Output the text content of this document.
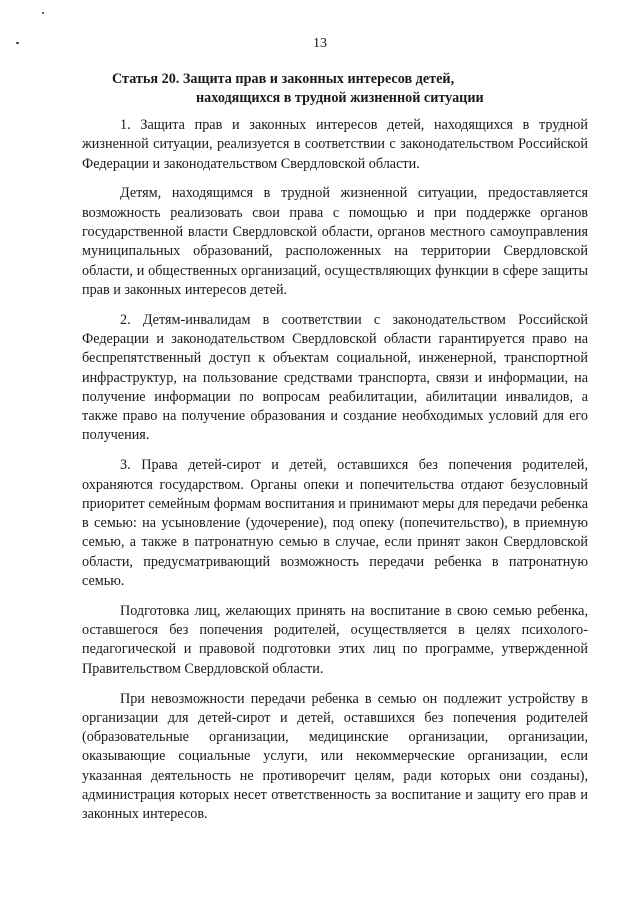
13
Статья 20. Защита прав и законных интересов детей,
находящихся в трудной жизненной ситуации

1. Защита прав и законных интересов детей, находящихся в трудной жизненной ситуации, реализуется в соответствии с законодательством Российской Федерации и законодательством Свердловской области.

Детям, находящимся в трудной жизненной ситуации, предоставляется возможность реализовать свои права с помощью и при поддержке органов государственной власти Свердловской области, органов местного самоуправления муниципальных образований, расположенных на территории Свердловской области, и общественных организаций, осуществляющих функции в сфере защиты прав и законных интересов детей.

2. Детям-инвалидам в соответствии с законодательством Российской Федерации и законодательством Свердловской области гарантируется право на беспрепятственный доступ к объектам социальной, инженерной, транспортной инфраструктур, на пользование средствами транспорта, связи и информации, на получение информации по вопросам реабилитации, абилитации инвалидов, а также право на получение образования и создание необходимых условий для его получения.

3. Права детей-сирот и детей, оставшихся без попечения родителей, охраняются государством. Органы опеки и попечительства отдают безусловный приоритет семейным формам воспитания и принимают меры для передачи ребенка в семью: на усыновление (удочерение), под опеку (попечительство), в приемную семью, а также в патронатную семью в случае, если принят закон Свердловской области, предусматривающий возможность передачи ребенка в патронатную семью.

Подготовка лиц, желающих принять на воспитание в свою семью ребенка, оставшегося без попечения родителей, осуществляется в целях психолого-педагогической и правовой подготовки этих лиц по программе, утвержденной Правительством Свердловской области.

При невозможности передачи ребенка в семью он подлежит устройству в организации для детей-сирот и детей, оставшихся без попечения родителей (образовательные организации, медицинские организации, организации, оказывающие социальные услуги, или некоммерческие организации, если указанная деятельность не противоречит целям, ради которых они созданы), администрация которых несет ответственность за воспитание и защиту его прав и законных интересов.
